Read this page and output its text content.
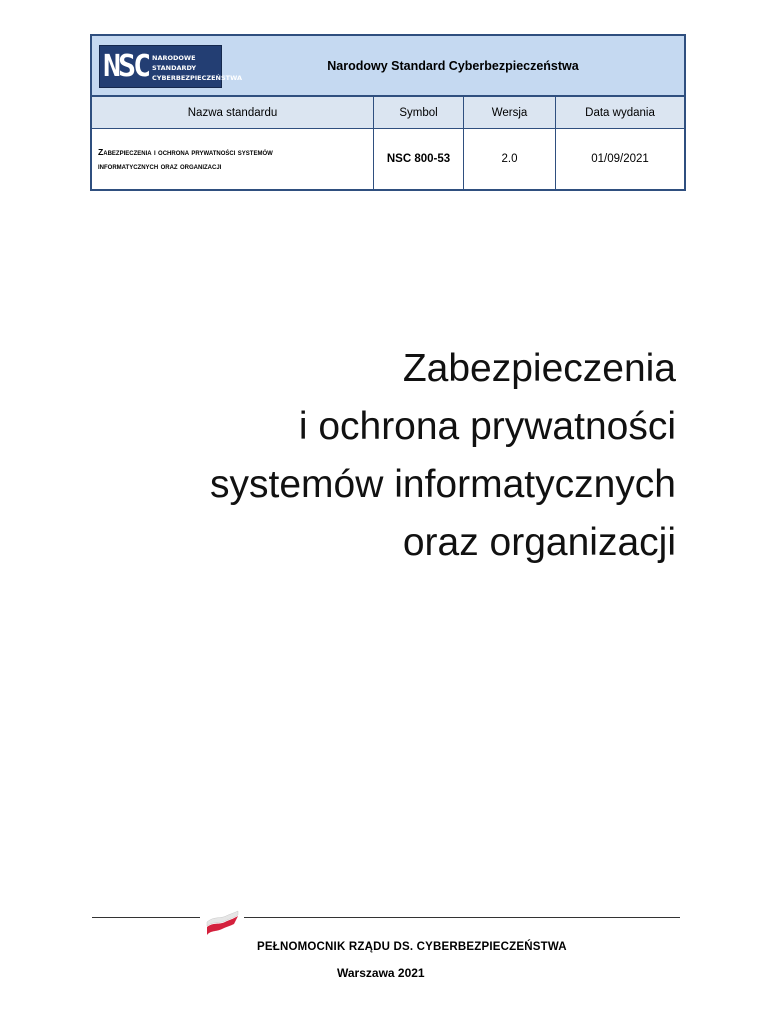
NSC NARODOWE
STANDARDY
CYBERBEZPIECZEŃSTWA
Narodowy Standard Cyberbezpieczeństwa
Nazwa standardu	Symbol	Wersja	Data wydania
Zabezpieczenia i ochrona prywatności systemów
informatycznych oraz organizacji
NSC 800-53	2.0	01/09/2021
Zabezpieczenia
i ochrona prywatności
systemów informatycznych
oraz organizacji
PEŁNOMOCNIK RZĄDU DS. CYBERBEZPIECZEŃSTWA
Warszawa 2021
